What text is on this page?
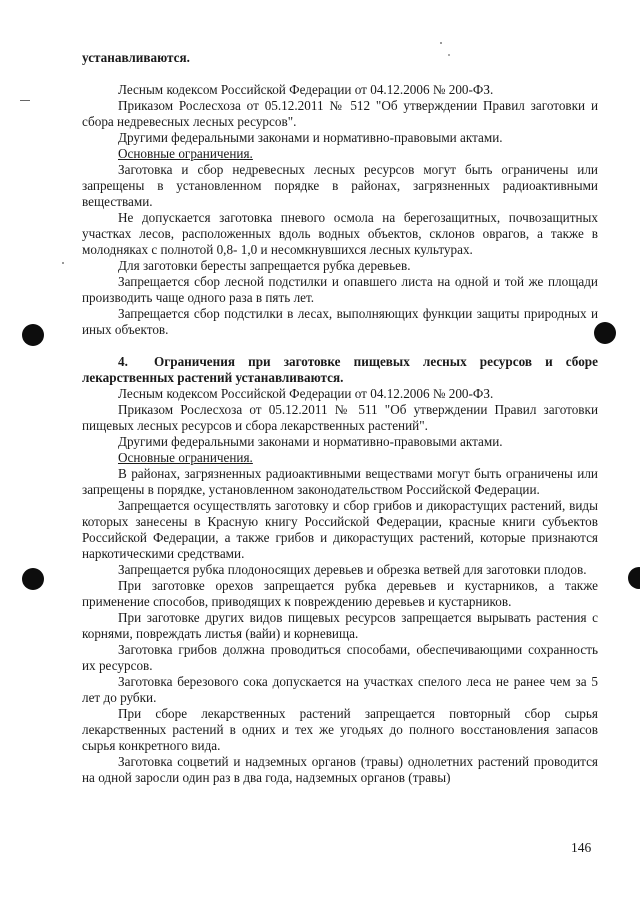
устанавливаются.

Лесным кодексом Российской Федерации от 04.12.2006 № 200-ФЗ.

Приказом Рослесхоза от 05.12.2011 № 512 "Об утверждении Правил заготовки и сбора недревесных лесных ресурсов".

Другими федеральными законами и нормативно-правовыми актами.

Основные ограничения.

Заготовка и сбор недревесных лесных ресурсов могут быть ограничены или запрещены в установленном порядке в районах, загрязненных радиоактивными веществами.

Не допускается заготовка пневого осмола на берегозащитных, почвозащитных участках лесов, расположенных вдоль водных объектов, склонов оврагов, а также в молодняках с полнотой 0,8- 1,0 и несомкнувшихся лесных культурах.

Для заготовки бересты запрещается рубка деревьев.

Запрещается сбор лесной подстилки и опавшего листа на одной и той же площади производить чаще одного раза в пять лет.

Запрещается сбор подстилки в лесах, выполняющих функции защиты природных и иных объектов.

4. Ограничения при заготовке пищевых лесных ресурсов и сборе лекарственных растений устанавливаются.

Лесным кодексом Российской Федерации от 04.12.2006 № 200-ФЗ.

Приказом Рослесхоза от 05.12.2011 № 511 "Об утверждении Правил заготовки пищевых лесных ресурсов и сбора лекарственных растений".

Другими федеральными законами и нормативно-правовыми актами.

Основные ограничения.

В районах, загрязненных радиоактивными веществами могут быть ограничены или запрещены в порядке, установленном законодательством Российской Федерации.

Запрещается осуществлять заготовку и сбор грибов и дикорастущих растений, виды которых занесены в Красную книгу Российской Федерации, красные книги субъектов Российской Федерации, а также грибов и дикорастущих растений, которые признаются наркотическими средствами.

Запрещается рубка плодоносящих деревьев и обрезка ветвей для заготовки плодов.

При заготовке орехов запрещается рубка деревьев и кустарников, а также применение способов, приводящих к повреждению деревьев и кустарников.

При заготовке других видов пищевых ресурсов запрещается вырывать растения с корнями, повреждать листья (вайи) и корневища.

Заготовка грибов должна проводиться способами, обеспечивающими сохранность их ресурсов.

Заготовка березового сока допускается на участках спелого леса не ранее чем за 5 лет до рубки.

При сборе лекарственных растений запрещается повторный сбор сырья лекарственных растений в одних и тех же угодьях до полного восстановления запасов сырья конкретного вида.

Заготовка соцветий и надземных органов (травы) однолетних растений проводится на одной заросли один раз в два года, надземных органов (травы)

146
